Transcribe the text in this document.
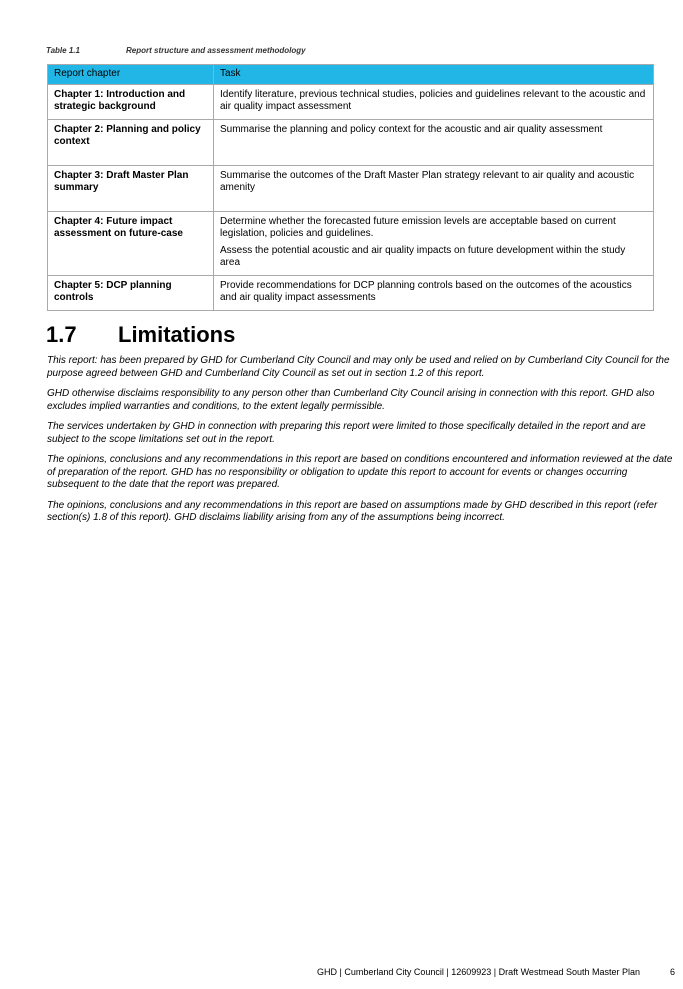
Table 1.1	Report structure and assessment methodology
Report chapter	Task
Chapter 1: Introduction and strategic background	Identify literature, previous technical studies, policies and guidelines relevant to the acoustic and air quality impact assessment

Chapter 2: Planning and policy context	Summarise the planning and policy context for the acoustic and air quality assessment

Chapter 3: Draft Master Plan summary	Summarise the outcomes of the Draft Master Plan strategy relevant to air quality and acoustic amenity

Chapter 4: Future impact assessment on future-case	Determine whether the forecasted future emission levels are acceptable based on current legislation, policies and guidelines.

Assess the potential acoustic and air quality impacts on future development within the study area

Chapter 5: DCP planning controls	Provide recommendations for DCP planning controls based on the outcomes of the acoustics and air quality impact assessments

1.7	Limitations

This report: has been prepared by GHD for Cumberland City Council and may only be used and relied on by Cumberland City Council for the purpose agreed between GHD and Cumberland City Council as set out in section 1.2 of this report.

GHD otherwise disclaims responsibility to any person other than Cumberland City Council arising in connection with this report. GHD also excludes implied warranties and conditions, to the extent legally permissible.

The services undertaken by GHD in connection with preparing this report were limited to those specifically detailed in the report and are subject to the scope limitations set out in the report.

The opinions, conclusions and any recommendations in this report are based on conditions encountered and information reviewed at the date of preparation of the report. GHD has no responsibility or obligation to update this report to account for events or changes occurring subsequent to the date that the report was prepared.

The opinions, conclusions and any recommendations in this report are based on assumptions made by GHD described in this report (refer section(s) 1.8 of this report). GHD disclaims liability arising from any of the assumptions being incorrect.

GHD | Cumberland City Council | 12609923 | Draft Westmead South Master Plan	6
